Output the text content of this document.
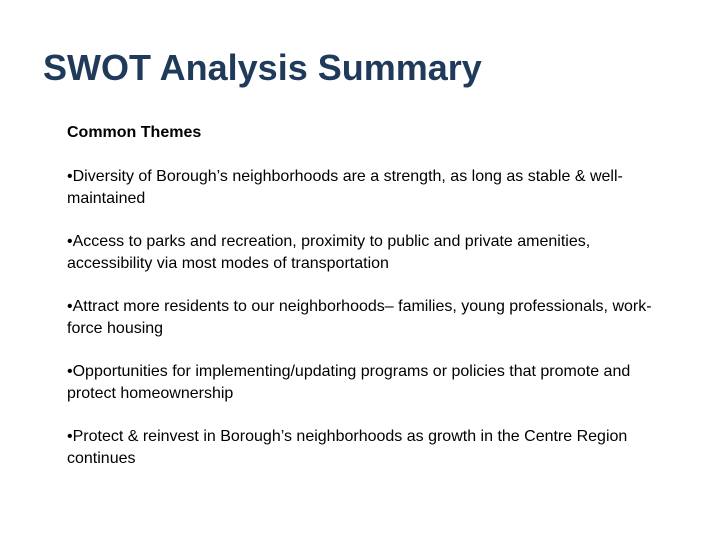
SWOT Analysis Summary

Common Themes

•Diversity of Borough’s neighborhoods are a strength, as long as stable & well-maintained
•Access to parks and recreation, proximity to public and private amenities, accessibility via most modes of transportation
•Attract more residents to our neighborhoods– families, young professionals, work-force housing
•Opportunities for implementing/updating programs or policies that promote and protect homeownership
•Protect & reinvest in Borough’s neighborhoods as growth in the Centre Region continues
